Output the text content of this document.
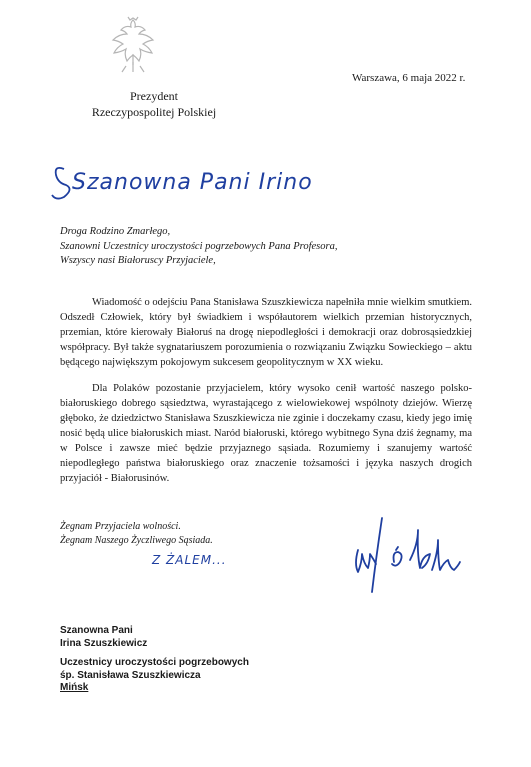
Warszawa, 6 maja 2022 r.
Prezydent
Rzeczypospolitej Polskiej
Szanowna Pani Irino
Droga Rodzino Zmarłego,
Szanowni Uczestnicy uroczystości pogrzebowych Pana Profesora,
Wszyscy nasi Białoruscy Przyjaciele,
Wiadomość o odejściu Pana Stanisława Szuszkiewicza napełniła mnie wielkim smutkiem. Odszedł Człowiek, który był świadkiem i współautorem wielkich przemian historycznych, przemian, które kierowały Białoruś na drogę niepodległości i demokracji oraz dobrosąsiedzkiej współpracy. Był także sygnatariuszem porozumienia o rozwiązaniu Związku Sowieckiego – aktu będącego największym pokojowym sukcesem geopolitycznym w XX wieku.
Dla Polaków pozostanie przyjacielem, który wysoko cenił wartość naszego polsko-białoruskiego dobrego sąsiedztwa, wyrastającego z wielowiekowej wspólnoty dziejów. Wierzę głęboko, że dziedzictwo Stanisława Szuszkiewicza nie zginie i doczekamy czasu, kiedy jego imię nosić będą ulice białoruskich miast. Naród białoruski, którego wybitnego Syna dziś żegnamy, ma w Polsce i zawsze mieć będzie przyjaznego sąsiada. Rozumiemy i szanujemy wartość niepodległego państwa białoruskiego oraz znaczenie tożsamości i języka naszych drogich przyjaciół - Białorusinów.
Żegnam Przyjaciela wolności.
Żegnam Naszego Życzliwego Sąsiada.
Z ŻALEM...
Szanowna Pani
Irina Szuszkiewicz
Uczestnicy uroczystości pogrzebowych
śp. Stanisława Szuszkiewicza
Mińsk
